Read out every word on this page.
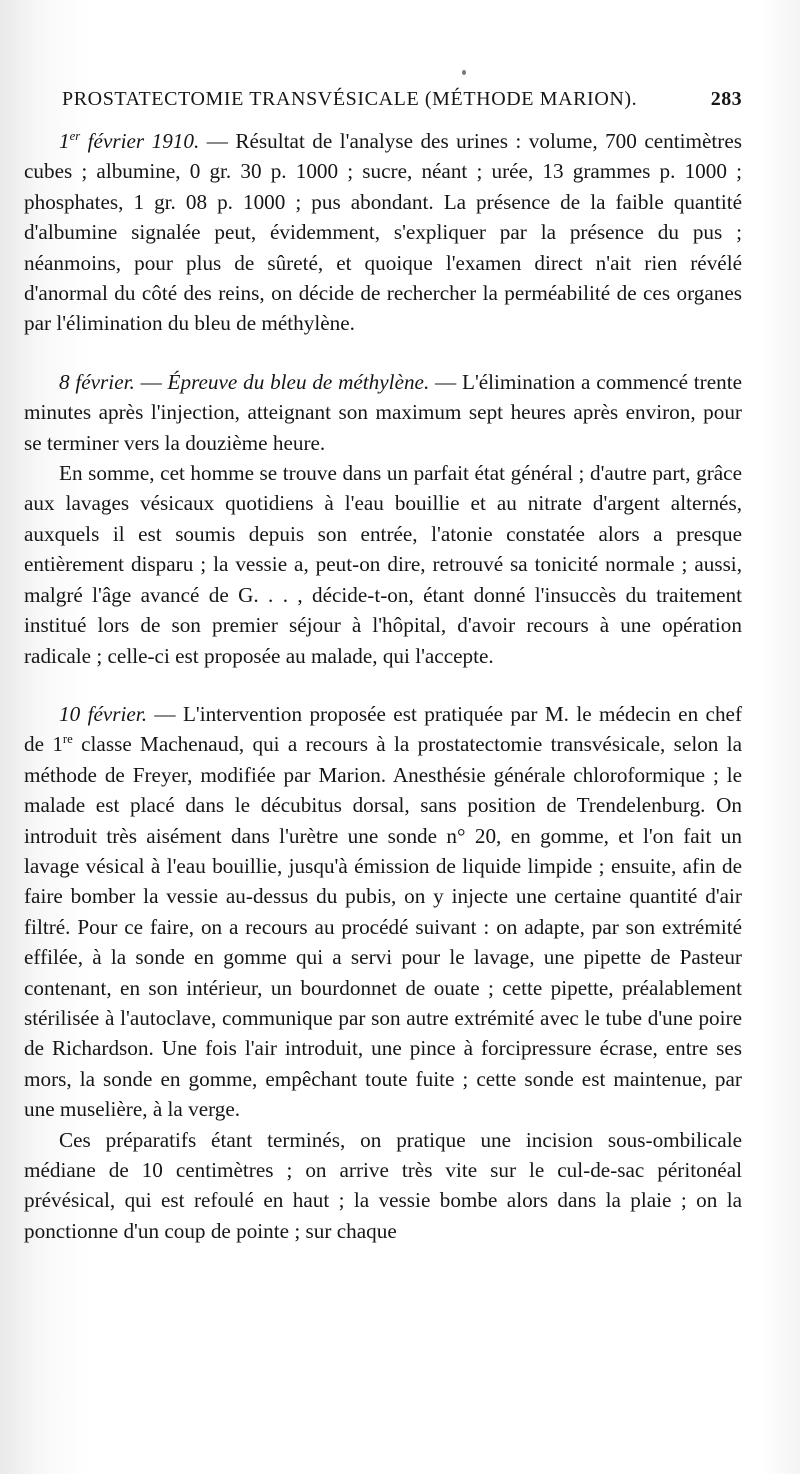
PROSTATECTOMIE TRANSVÉSICALE (MÉTHODE MARION).	283

1er février 1910. — Résultat de l'analyse des urines : volume, 700 centimètres cubes ; albumine, 0 gr. 30 p. 1000 ; sucre, néant ; urée, 13 grammes p. 1000 ; phosphates, 1 gr. 08 p. 1000 ; pus abondant. La présence de la faible quantité d'albumine signalée peut, évidemment, s'expliquer par la présence du pus ; néanmoins, pour plus de sûreté, et quoique l'examen direct n'ait rien révélé d'anormal du côté des reins, on décide de rechercher la perméabilité de ces organes par l'élimination du bleu de méthylène.

8 février. — Épreuve du bleu de méthylène. — L'élimination a commencé trente minutes après l'injection, atteignant son maximum sept heures après environ, pour se terminer vers la douzième heure.

En somme, cet homme se trouve dans un parfait état général ; d'autre part, grâce aux lavages vésicaux quotidiens à l'eau bouillie et au nitrate d'argent alternés, auxquels il est soumis depuis son entrée, l'atonie constatée alors a presque entièrement disparu ; la vessie a, peut-on dire, retrouvé sa tonicité normale ; aussi, malgré l'âge avancé de G. . . , décide-t-on, étant donné l'insuccès du traitement institué lors de son premier séjour à l'hôpital, d'avoir recours à une opération radicale ; celle-ci est proposée au malade, qui l'accepte.

10 février. — L'intervention proposée est pratiquée par M. le médecin en chef de 1re classe Machenaud, qui a recours à la prostatectomie transvésicale, selon la méthode de Freyer, modifiée par Marion. Anesthésie générale chloroformique ; le malade est placé dans le décubitus dorsal, sans position de Trendelenburg. On introduit très aisément dans l'urètre une sonde n° 20, en gomme, et l'on fait un lavage vésical à l'eau bouillie, jusqu'à émission de liquide limpide ; ensuite, afin de faire bomber la vessie au-dessus du pubis, on y injecte une certaine quantité d'air filtré. Pour ce faire, on a recours au procédé suivant : on adapte, par son extrémité effilée, à la sonde en gomme qui a servi pour le lavage, une pipette de Pasteur contenant, en son intérieur, un bourdonnet de ouate ; cette pipette, préalablement stérilisée à l'autoclave, communique par son autre extrémité avec le tube d'une poire de Richardson. Une fois l'air introduit, une pince à forcipressure écrase, entre ses mors, la sonde en gomme, empêchant toute fuite ; cette sonde est maintenue, par une muselière, à la verge.

Ces préparatifs étant terminés, on pratique une incision sous-ombilicale médiane de 10 centimètres ; on arrive très vite sur le cul-de-sac péritonéal prévésical, qui est refoulé en haut ; la vessie bombe alors dans la plaie ; on la ponctionne d'un coup de pointe ; sur chaque
